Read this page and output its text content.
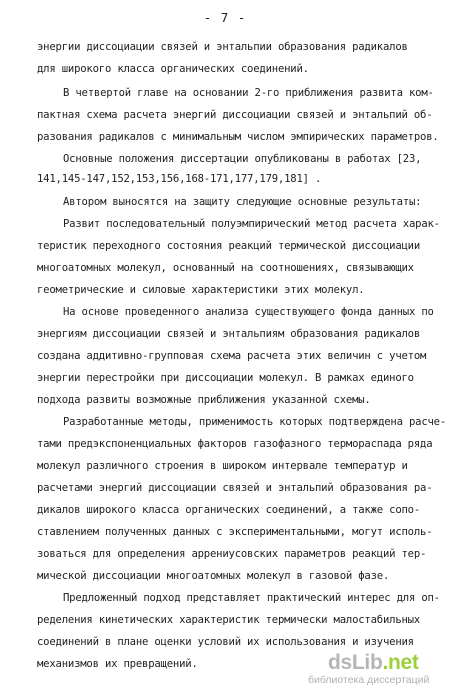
- 7 -
энергии диссоциации связей и энтальпии образования радикалов
для широкого класса органических соединений.
В четвертой главе на основании 2-го приближения развита ком-
пактная схема расчета энергий диссоциации связей и энтальпий об-
разования радикалов с минимальным числом эмпирических параметров.
Основные положения диссертации опубликованы в работах [23,
141,145-147,152,153,156,168-171,177,179,181] .
Автором выносятся на защиту следующие основные результаты:
Развит последовательный полуэмпирический метод расчета харак-
теристик переходного состояния реакций термической диссоциации
многоатомных молекул, основанный на соотношениях, связывающих
геометрические и силовые характеристики этих молекул.
На основе проведенного анализа существующего фонда данных по
энергиям диссоциации связей и энтальпиям образования радикалов
создана аддитивно-групповая схема расчета этих величин с учетом
энергии перестройки при диссоциации молекул. В рамках единого
подхода развиты возможные приближения указанной схемы.
Разработанные методы, применимость которых подтверждена расче-
тами предэкспоненциальных факторов газофазного термораспада ряда
молекул различного строения в широком интервале температур и
расчетами энергий диссоциации связей и энтальпий образования ра-
дикалов широкого класса органических соединений, а также сопо-
ставлением полученных данных с экспериментальными, могут исполь-
зоваться для определения аррениусовских параметров реакций тер-
мической диссоциации многоатомных молекул в газовой фазе.
Предложенный подход представляет практический интерес для оп-
ределения кинетических характеристик термически малостабильных
соединений в плане оценки условий их использования и изучения
механизмов их превращений.	dsLib.net
библиотека диссертаций
